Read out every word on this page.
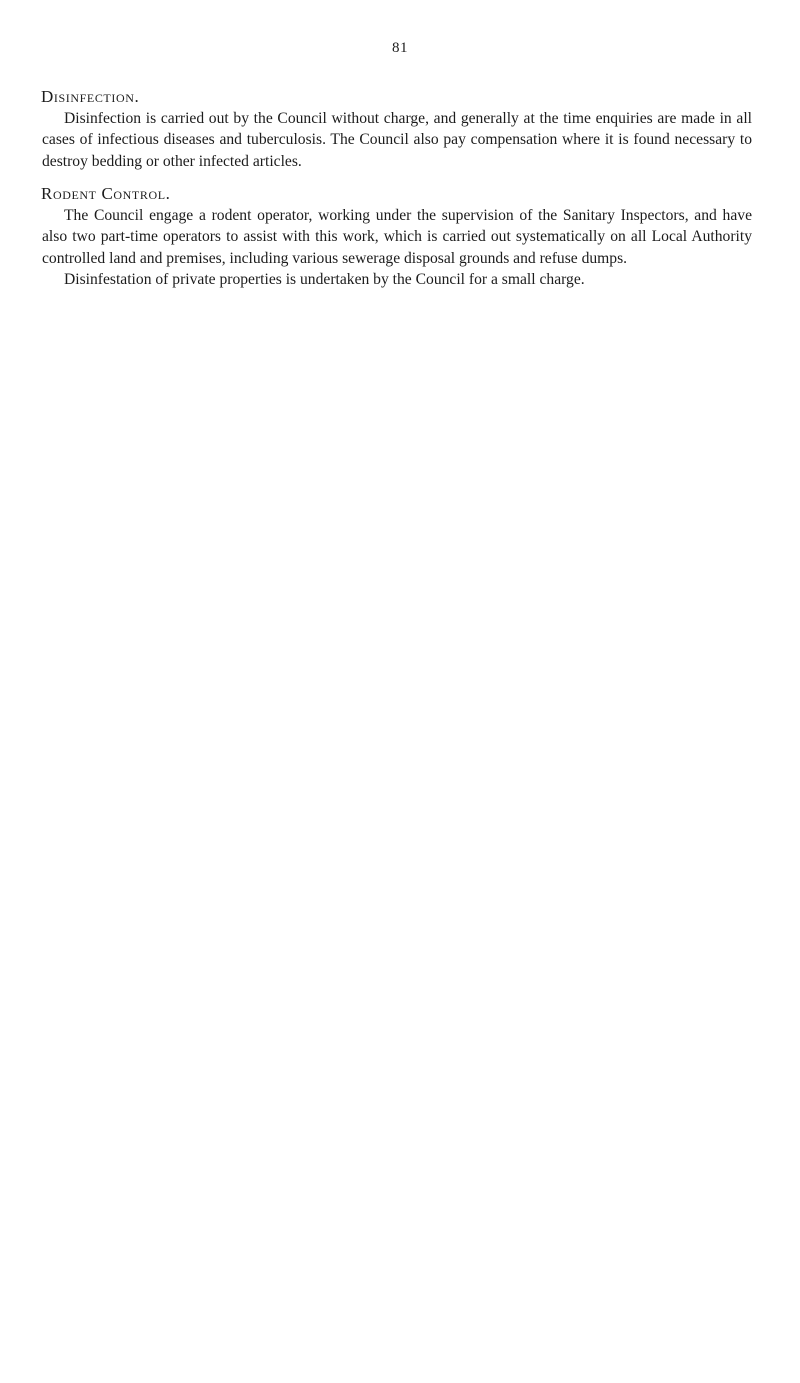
81
Disinfection.

Disinfection is carried out by the Council without charge, and generally at the time enquiries are made in all cases of infectious diseases and tuberculosis. The Council also pay compensation where it is found necessary to destroy bedding or other infected articles.

Rodent Control.

The Council engage a rodent operator, working under the supervision of the Sanitary Inspectors, and have also two part-time operators to assist with this work, which is carried out systematically on all Local Authority controlled land and premises, including various sewerage disposal grounds and refuse dumps.

Disinfestation of private properties is undertaken by the Council for a small charge.
